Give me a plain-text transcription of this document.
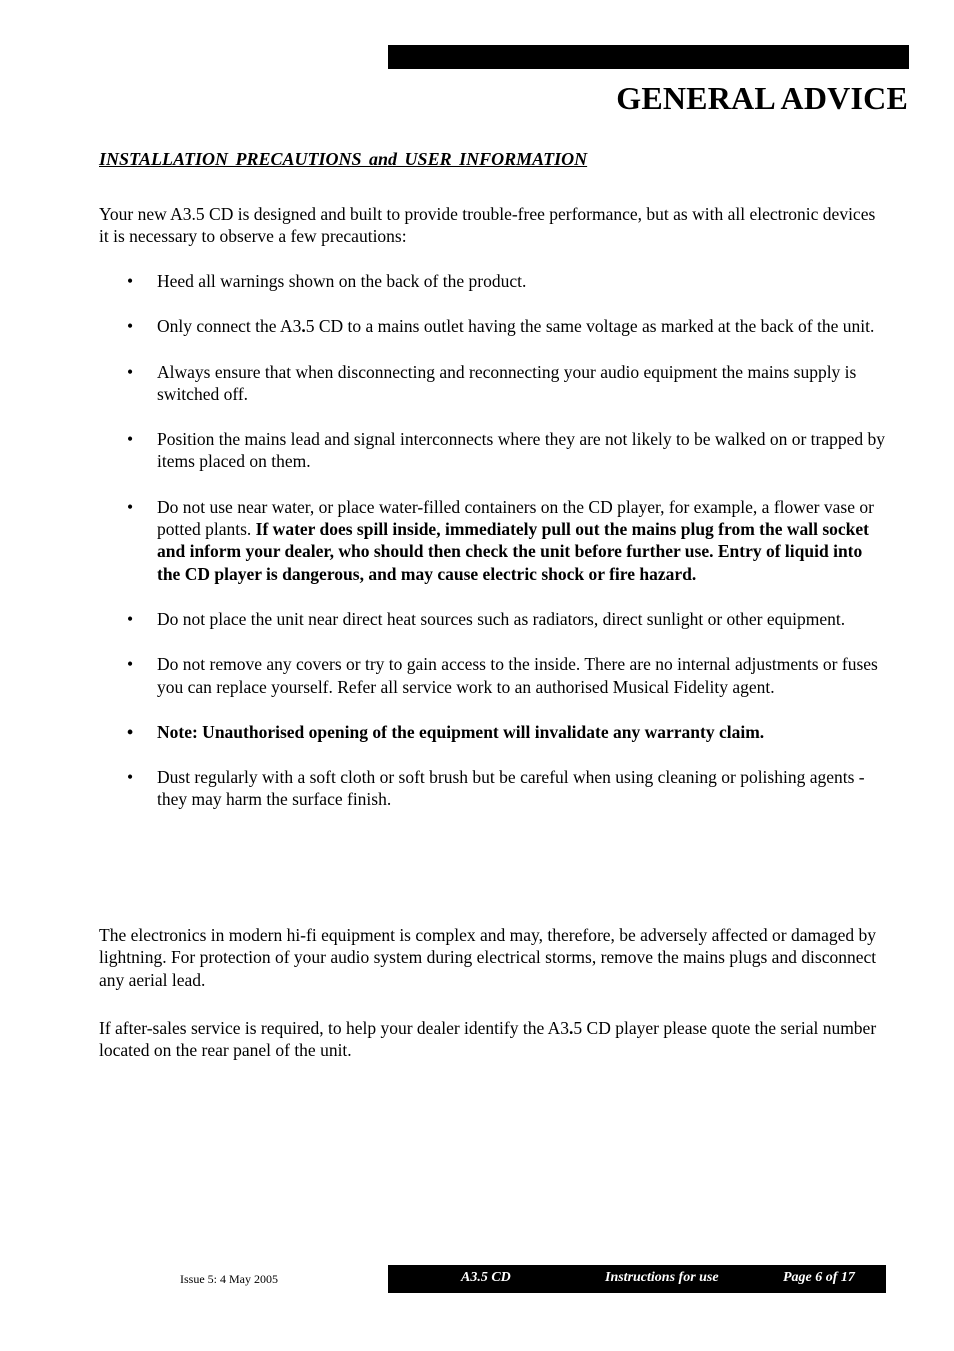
GENERAL ADVICE
INSTALLATION PRECAUTIONS and USER INFORMATION
Your new A3.5 CD is designed and built to provide trouble-free performance, but as with all electronic devices it is necessary to observe a few precautions:
• Heed all warnings shown on the back of the product.
• Only connect the A3.5 CD to a mains outlet having the same voltage as marked at the back of the unit.
• Always ensure that when disconnecting and reconnecting your audio equipment the mains supply is switched off.
• Position the mains lead and signal interconnects where they are not likely to be walked on or trapped by items placed on them.
• Do not use near water, or place water-filled containers on the CD player, for example, a flower vase or potted plants. If water does spill inside, immediately pull out the mains plug from the wall socket and inform your dealer, who should then check the unit before further use. Entry of liquid into the CD player is dangerous, and may cause electric shock or fire hazard.
• Do not place the unit near direct heat sources such as radiators, direct sunlight or other equipment.
• Do not remove any covers or try to gain access to the inside. There are no internal adjustments or fuses you can replace yourself. Refer all service work to an authorised Musical Fidelity agent.
• Note: Unauthorised opening of the equipment will invalidate any warranty claim.
• Dust regularly with a soft cloth or soft brush but be careful when using cleaning or polishing agents - they may harm the surface finish.
The electronics in modern hi-fi equipment is complex and may, therefore, be adversely affected or damaged by lightning. For protection of your audio system during electrical storms, remove the mains plugs and disconnect any aerial lead.
If after-sales service is required, to help your dealer identify the A3.5 CD player please quote the serial number located on the rear panel of the unit.
Issue 5: 4 May 2005	A3.5 CD	Instructions for use	Page 6 of 17
